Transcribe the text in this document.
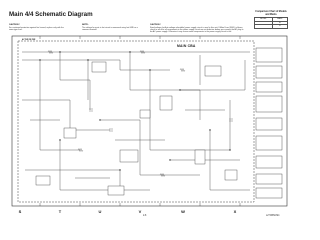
Main 4/4 Schematic Diagram
CAUTION !
For continued protection against fire hazard, replace only with the same type fuse.
NOTE:
The voltage for parts in hot circuit is measured using hot GND as a common terminal.
CAUTION !
Fixed voltage (or Auto voltage selectable) power supply circuit is used in this unit. If Main Fuse (F001) is blown, check to see that all components in the power supply circuit are not defective before you connect the AC plug to the AC power supply. Otherwise it may cause some components in the power supply circuit to fail.
Comparison Chart of Models and Marks
MODEL	MARK
	A
	B
ACTIVE FILTER
MAIN CBA
S	T	U	V	W	X
2-8	L27CBSCM4
